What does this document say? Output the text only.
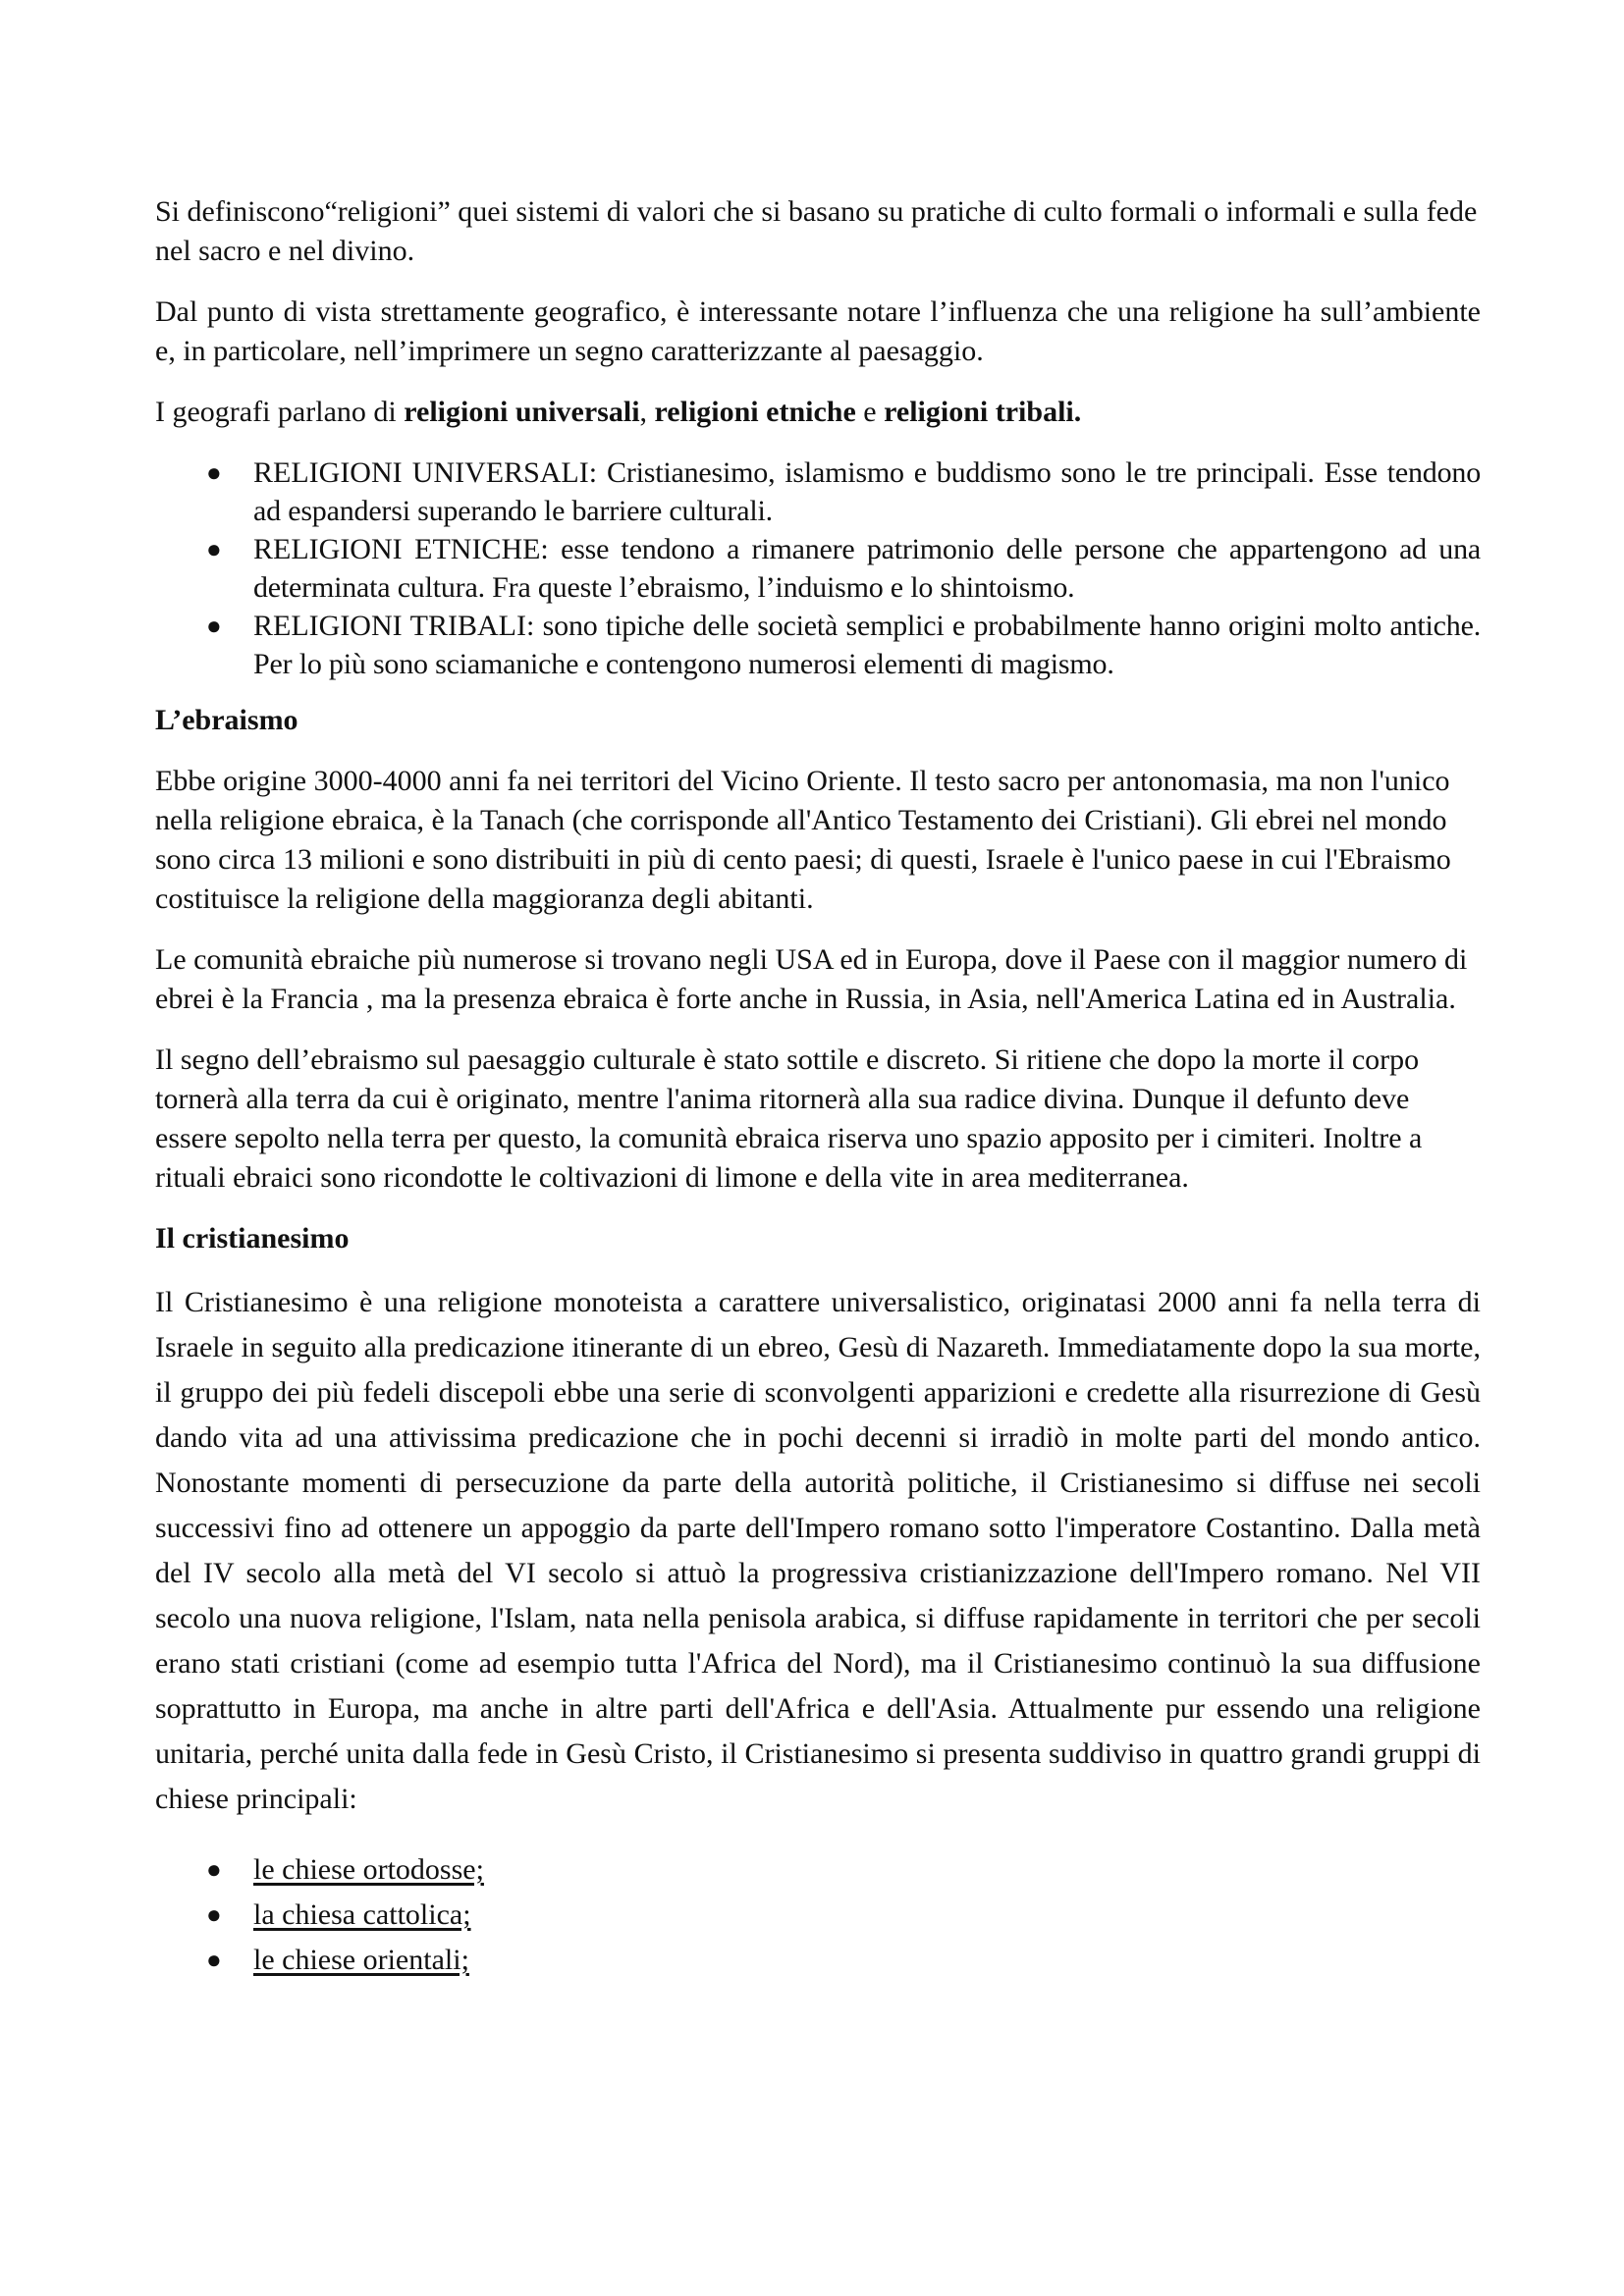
Si definiscono“religioni” quei sistemi di valori che si basano su pratiche di culto formali o informali e sulla fede nel sacro e nel divino.

Dal punto di vista strettamente geografico, è interessante notare l’influenza che una religione ha sull’ambiente e, in particolare, nell’imprimere un segno caratterizzante al paesaggio.

I geografi parlano di religioni universali, religioni etniche e religioni tribali.

● RELIGIONI UNIVERSALI: Cristianesimo, islamismo e buddismo sono le tre principali. Esse tendono ad espandersi superando le barriere culturali.
● RELIGIONI ETNICHE: esse tendono a rimanere patrimonio delle persone che appartengono ad una determinata cultura. Fra queste l’ebraismo, l’induismo e lo shintoismo.
● RELIGIONI TRIBALI: sono tipiche delle società semplici e probabilmente hanno origini molto antiche. Per lo più sono sciamaniche e contengono numerosi elementi di magismo.
L’ebraismo

Ebbe origine 3000-4000 anni fa nei territori del Vicino Oriente. Il testo sacro per antonomasia, ma non l'unico nella religione ebraica, è la Tanach (che corrisponde all'Antico Testamento dei Cristiani). Gli ebrei nel mondo sono circa 13 milioni e sono distribuiti in più di cento paesi; di questi, Israele è l'unico paese in cui l'Ebraismo costituisce la religione della maggioranza degli abitanti.

Le comunità ebraiche più numerose si trovano negli USA ed in Europa, dove il Paese con il maggior numero di ebrei è la Francia , ma la presenza ebraica è forte anche in Russia, in Asia, nell'America Latina ed in Australia.

Il segno dell’ebraismo sul paesaggio culturale è stato sottile e discreto. Si ritiene che dopo la morte il corpo tornerà alla terra da cui è originato, mentre l'anima ritornerà alla sua radice divina. Dunque il defunto deve essere sepolto nella terra per questo, la comunità ebraica riserva uno spazio apposito per i cimiteri. Inoltre a rituali ebraici sono ricondotte le coltivazioni di limone e della vite in area mediterranea.

Il cristianesimo

Il Cristianesimo è una religione monoteista a carattere universalistico, originatasi 2000 anni fa nella terra di Israele in seguito alla predicazione itinerante di un ebreo, Gesù di Nazareth. Immediatamente dopo la sua morte, il gruppo dei più fedeli discepoli ebbe una serie di sconvolgenti apparizioni e credette alla risurrezione di Gesù dando vita ad una attivissima predicazione che in pochi decenni si irradiò in molte parti del mondo antico. Nonostante momenti di persecuzione da parte della autorità politiche, il Cristianesimo si diffuse nei secoli successivi fino ad ottenere un appoggio da parte dell'Impero romano sotto l'imperatore Costantino. Dalla metà del IV secolo alla metà del VI secolo si attuò la progressiva cristianizzazione dell'Impero romano. Nel VII secolo una nuova religione, l'Islam, nata nella penisola arabica, si diffuse rapidamente in territori che per secoli erano stati cristiani (come ad esempio tutta l'Africa del Nord), ma il Cristianesimo continuò la sua diffusione soprattutto in Europa, ma anche in altre parti dell'Africa e dell'Asia. Attualmente pur essendo una religione unitaria, perché unita dalla fede in Gesù Cristo, il Cristianesimo si presenta suddiviso in quattro grandi gruppi di chiese principali:

● le chiese ortodosse;
● la chiesa cattolica;
● le chiese orientali;
